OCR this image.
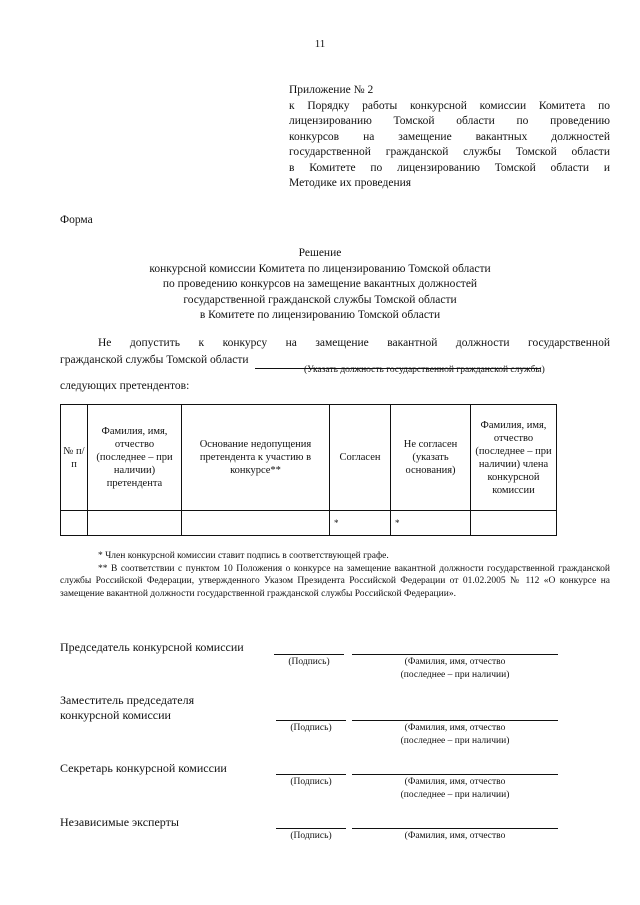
11
Приложение № 2
к Порядку работы конкурсной комиссии Комитета по
лицензированию Томской области по проведению
конкурсов на замещение вакантных должностей
государственной гражданской службы Томской области
в Комитете по лицензированию Томской области и
Методике их проведения
Форма
Решение
конкурсной комиссии Комитета по лицензированию Томской области
по проведению конкурсов на замещение вакантных должностей
государственной гражданской службы Томской области
в Комитете по лицензированию Томской области
Не допустить к конкурсу на замещение вакантной должности государственной
гражданской службы Томской области
(Указать должность государственной гражданской службы)
следующих претендентов:
№ п/п	Фамилия, имя, отчество (последнее – при наличии) претендента	Основание недопущения претендента к участию в конкурсе**	Согласен	Не согласен (указать основания)	Фамилия, имя, отчество (последнее – при наличии) члена конкурсной комиссии
			*	*	
* Член конкурсной комиссии ставит подпись в соответствующей графе.
** В соответствии с пунктом 10 Положения о конкурсе на замещение вакантной должности государственной гражданской службы Российской Федерации, утвержденного Указом Президента Российской Федерации от 01.02.2005 № 112 «О конкурсе на замещение вакантной должности государственной гражданской службы Российской Федерации».
Председатель конкурсной комиссии
(Подпись)	(Фамилия, имя, отчество
(последнее – при наличии)
Заместитель председателя
конкурсной комиссии
(Подпись)	(Фамилия, имя, отчество
(последнее – при наличии)
Секретарь конкурсной комиссии
(Подпись)	(Фамилия, имя, отчество
(последнее – при наличии)
Независимые эксперты
(Подпись)	(Фамилия, имя, отчество
